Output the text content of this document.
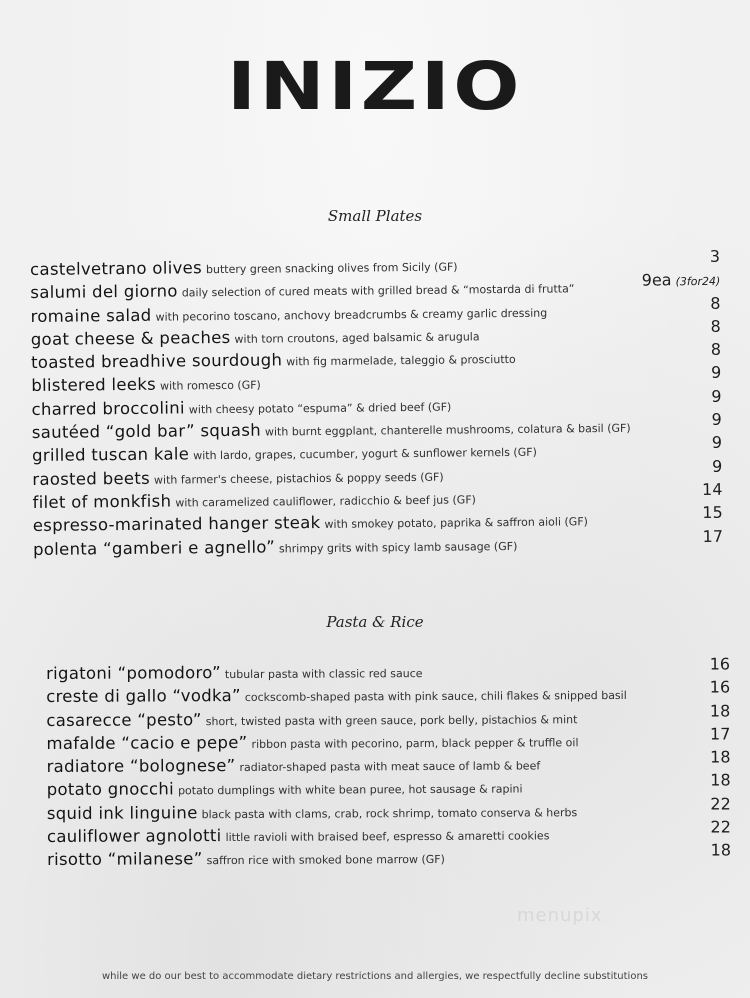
INIZIO
Small Plates
castelvetrano olives buttery green snacking olives from Sicily (GF)
3
salumi del giorno daily selection of cured meats with grilled bread & “mostarda di frutta”
9ea (3for24)
romaine salad with pecorino toscano, anchovy breadcrumbs & creamy garlic dressing
8
goat cheese & peaches with torn croutons, aged balsamic & arugula
8
toasted breadhive sourdough with fig marmelade, taleggio & prosciutto
8
blistered leeks with romesco (GF)
9
charred broccolini with cheesy potato “espuma” & dried beef (GF)
9
sautéed “gold bar” squash with burnt eggplant, chanterelle mushrooms, colatura & basil (GF)
9
grilled tuscan kale with lardo, grapes, cucumber, yogurt & sunflower kernels (GF)
9
raosted beets with farmer's cheese, pistachios & poppy seeds (GF)
9
filet of monkfish with caramelized cauliflower, radicchio & beef jus (GF)
14
espresso-marinated hanger steak with smokey potato, paprika & saffron aioli (GF)
15
polenta “gamberi e agnello” shrimpy grits with spicy lamb sausage (GF)
17
Pasta & Rice
rigatoni “pomodoro” tubular pasta with classic red sauce
16
creste di gallo “vodka” cockscomb-shaped pasta with pink sauce, chili flakes & snipped basil	16
casarecce “pesto” short, twisted pasta with green sauce, pork belly, pistachios & mint
18
mafalde “cacio e pepe” ribbon pasta with pecorino, parm, black pepper & truffle oil
17
radiatore “bolognese” radiator-shaped pasta with meat sauce of lamb & beef
18
potato gnocchi potato dumplings with white bean puree, hot sausage & rapini
18
squid ink linguine black pasta with clams, crab, rock shrimp, tomato conserva & herbs
22
cauliflower agnolotti little ravioli with braised beef, espresso & amaretti cookies
22
risotto “milanese” saffron rice with smoked bone marrow (GF)
18
menupix
while we do our best to accommodate dietary restrictions and allergies, we respectfully decline substitutions
